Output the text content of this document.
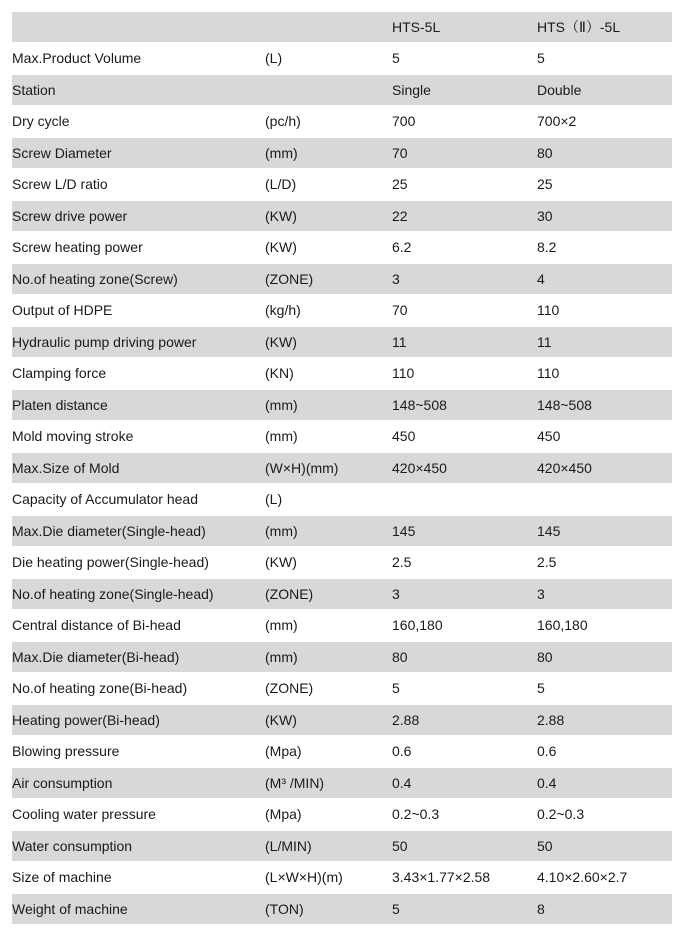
		HTS-5L	HTS（Ⅱ）-5L
Max.Product Volume	(L)	5	5
Station		Single	Double
Dry cycle	(pc/h)	700	700×2
Screw Diameter	(mm)	70	80
Screw L/D ratio	(L/D)	25	25
Screw drive power	(KW)	22	30
Screw heating power	(KW)	6.2	8.2
No.of heating zone(Screw)	(ZONE)	3	4
Output of HDPE	(kg/h)	70	110
Hydraulic pump driving power	(KW)	11	11
Clamping force	(KN)	110	110
Platen distance	(mm)	148~508	148~508
Mold moving stroke	(mm)	450	450
Max.Size of Mold	(W×H)(mm)	420×450	420×450
Capacity of Accumulator head	(L)		
Max.Die diameter(Single-head)	(mm)	145	145
Die heating power(Single-head)	(KW)	2.5	2.5
No.of heating zone(Single-head)	(ZONE)	3	3
Central distance of Bi-head	(mm)	160,180	160,180
Max.Die diameter(Bi-head)	(mm)	80	80
No.of heating zone(Bi-head)	(ZONE)	5	5
Heating power(Bi-head)	(KW)	2.88	2.88
Blowing pressure	(Mpa)	0.6	0.6
Air consumption	(M³ /MIN)	0.4	0.4
Cooling water pressure	(Mpa)	0.2~0.3	0.2~0.3
Water consumption	(L/MIN)	50	50
Size of machine	(L×W×H)(m)	3.43×1.77×2.58	4.10×2.60×2.7
Weight of machine	(TON)	5	8
